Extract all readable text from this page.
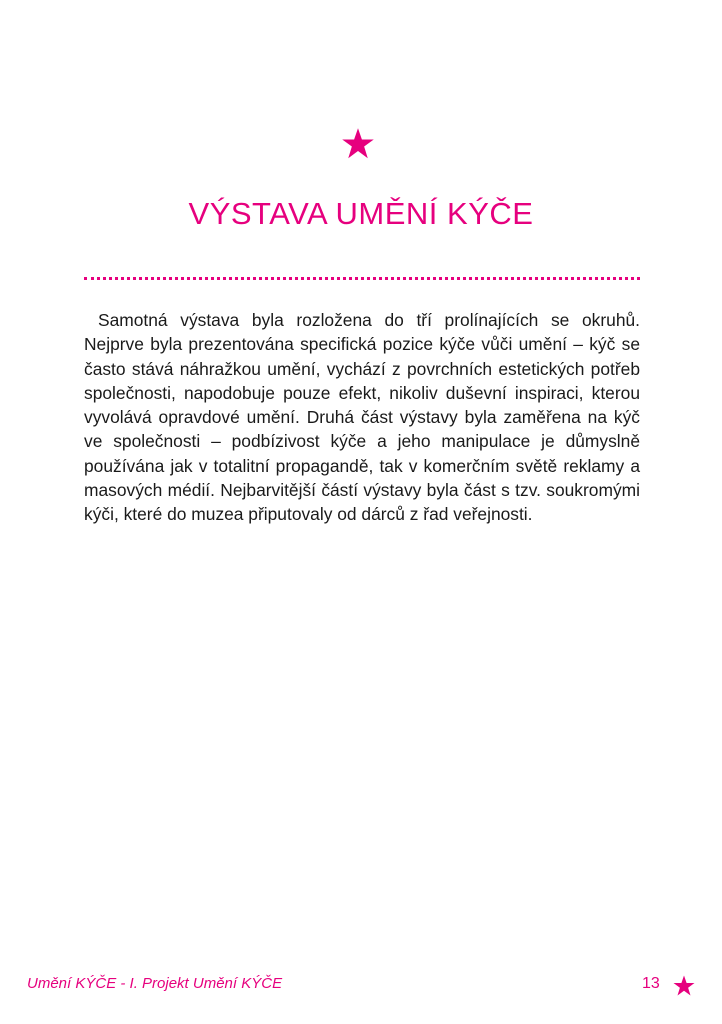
VÝSTAVA UMĚNÍ KÝČE

Samotná výstava byla rozložena do tří prolínajících se okruhů. Nejprve byla prezentována specifická pozice kýče vůči umění – kýč se často stává náhražkou umění, vychází z povrchních estetických potřeb společnosti, napodobuje pouze efekt, nikoliv duševní inspiraci, kterou vyvolává opravdové umění. Druhá část výstavy byla zaměřena na kýč ve společnosti – podbízivost kýče a jeho manipulace je důmyslně používána jak v totalitní propagandě, tak v komerčním světě reklamy a masových médií. Nejbarvitější částí výstavy byla část s tzv. soukromými kýči, které do muzea připutovaly od dárců z řad veřejnosti.

Umění KÝČE - I. Projekt Umění KÝČE	13
